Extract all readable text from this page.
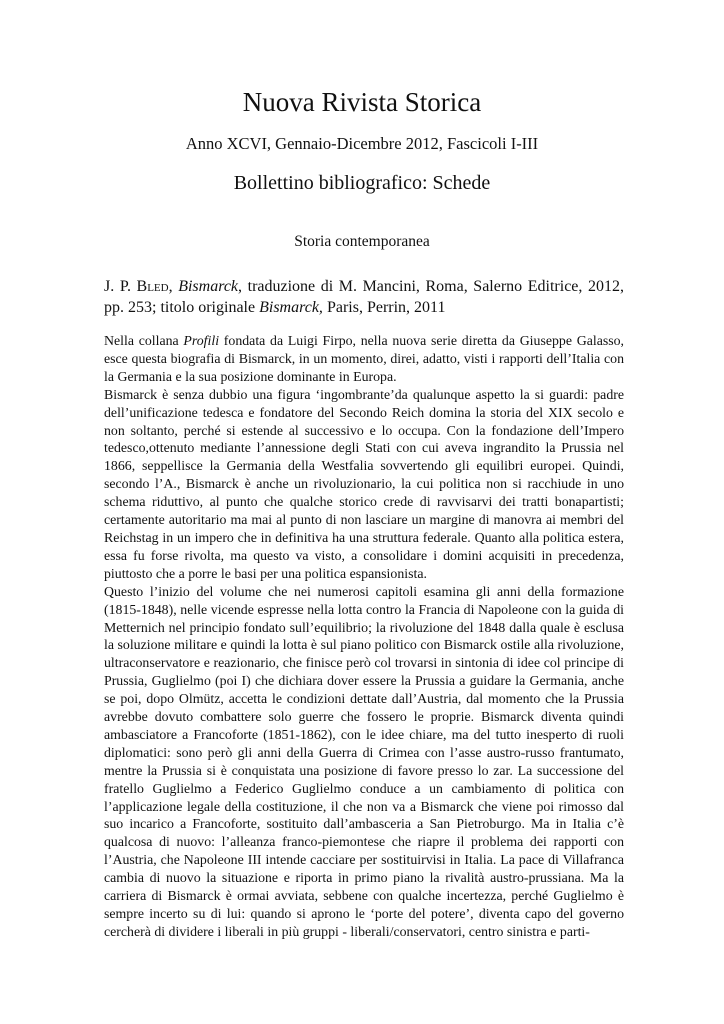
Nuova Rivista Storica

Anno XCVI, Gennaio-Dicembre 2012, Fascicoli I-III

Bollettino bibliografico: Schede

Storia contemporanea

J. P. Bled, Bismarck, traduzione di M. Mancini, Roma, Salerno Editrice, 2012, pp. 253; titolo originale Bismarck, Paris, Perrin, 2011

Nella collana Profili fondata da Luigi Firpo, nella nuova serie diretta da Giuseppe Galasso, esce questa biografia di Bismarck, in un momento, direi, adatto, visti i rapporti dell’Italia con la Germania e la sua posizione dominante in Europa.

Bismarck è senza dubbio una figura ‘ingombrante’da qualunque aspetto la si guardi: padre dell’unificazione tedesca e fondatore del Secondo Reich domina la storia del XIX secolo e non soltanto, perché si estende al successivo e lo occupa. Con la fondazione dell’Impero tedesco,ottenuto mediante l’annessione degli Stati con cui aveva ingrandito la Prussia nel 1866, seppellisce la Germania della Westfalia sovvertendo gli equilibri europei. Quindi, secondo l’A., Bismarck è anche un rivoluzionario, la cui politica non si racchiude in uno schema riduttivo, al punto che qualche storico crede di ravvisarvi dei tratti bonapartisti; certamente autoritario ma mai al punto di non lasciare un margine di manovra ai membri del Reichstag in un impero che in definitiva ha una struttura federale. Quanto alla politica estera, essa fu forse rivolta, ma questo va visto, a consolidare i domini acquisiti in precedenza, piuttosto che a porre le basi per una politica espansionista.

Questo l’inizio del volume che nei numerosi capitoli esamina gli anni della formazione (1815-1848), nelle vicende espresse nella lotta contro la Francia di Napoleone con la guida di Metternich nel principio fondato sull’equilibrio; la rivoluzione del 1848 dalla quale è esclusa la soluzione militare e quindi la lotta è sul piano politico con Bismarck ostile alla rivoluzione, ultraconservatore e reazionario, che finisce però col trovarsi in sintonia di idee col principe di Prussia, Guglielmo (poi I) che dichiara dover essere la Prussia a guidare la Germania, anche se poi, dopo Olmütz, accetta le condizioni dettate dall’Austria, dal momento che la Prussia avrebbe dovuto combattere solo guerre che fossero le proprie. Bismarck diventa quindi ambasciatore a Francoforte (1851-1862), con le idee chiare, ma del tutto inesperto di ruoli diplomatici: sono però gli anni della Guerra di Crimea con l’asse austro-russo frantumato, mentre la Prussia si è conquistata una posizione di favore presso lo zar. La successione del fratello Guglielmo a Federico Guglielmo conduce a un cambiamento di politica con l’applicazione legale della costituzione, il che non va a Bismarck che viene poi rimosso dal suo incarico a Francoforte, sostituito dall’ambasceria a San Pietroburgo. Ma in Italia c’è qualcosa di nuovo: l’alleanza franco-piemontese che riapre il problema dei rapporti con l’Austria, che Napoleone III intende cacciare per sostituirvisi in Italia. La pace di Villafranca cambia di nuovo la situazione e riporta in primo piano la rivalità austro-prussiana. Ma la carriera di Bismarck è ormai avviata, sebbene con qualche incertezza, perché Guglielmo è sempre incerto su di lui: quando si aprono le ‘porte del potere’, diventa capo del governo cercherà di dividere i liberali in più gruppi - liberali/conservatori, centro sinistra e parti-
